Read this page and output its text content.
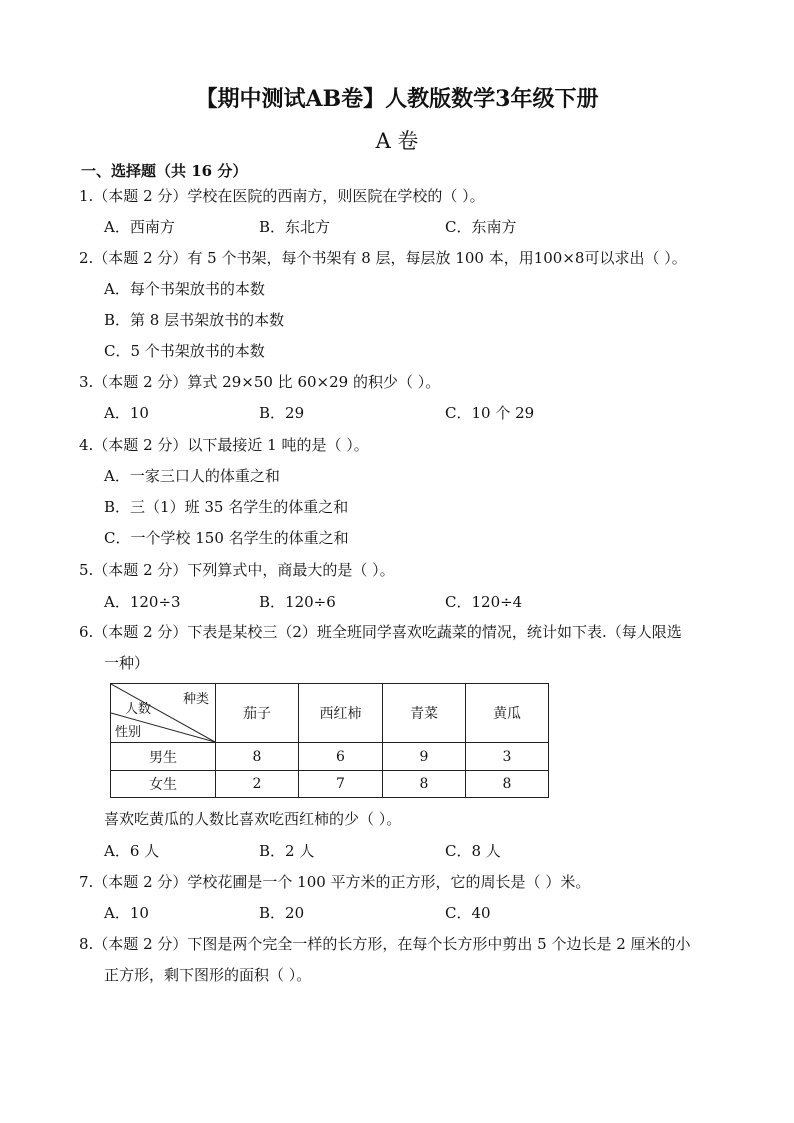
【期中测试AB卷】人教版数学3年级下册
A 卷
一、选择题（共 16 分）
1.（本题 2 分）学校在医院的西南方，则医院在学校的（ ）。
A．西南方	B．东北方	C．东南方
2.（本题 2 分）有 5 个书架，每个书架有 8 层，每层放 100 本，用100×8可以求出（ ）。
A．每个书架放书的本数
B．第 8 层书架放书的本数
C．5 个书架放书的本数
3.（本题 2 分）算式 29×50 比 60×29 的积少（ ）。
A．10	B．29	C．10 个 29
4.（本题 2 分）以下最接近 1 吨的是（ ）。
A．一家三口人的体重之和
B．三（1）班 35 名学生的体重之和
C．一个学校 150 名学生的体重之和
5.（本题 2 分）下列算式中，商最大的是（ ）。
A．120÷3	B．120÷6	C．120÷4
6.（本题 2 分）下表是某校三（2）班全班同学喜欢吃蔬菜的情况，统计如下表.（每人限选
一种）
种类
人数
性别	茄子	西红柿	青菜	黄瓜
男生	8	6	9	3
女生	2	7	8	8
喜欢吃黄瓜的人数比喜欢吃西红柿的少（ ）。
A．6 人	B．2 人	C．8 人
7.（本题 2 分）学校花圃是一个 100 平方米的正方形，它的周长是（ ）米。
A．10	B．20	C．40
8.（本题 2 分）下图是两个完全一样的长方形，在每个长方形中剪出 5 个边长是 2 厘米的小
正方形，剩下图形的面积（ ）。
